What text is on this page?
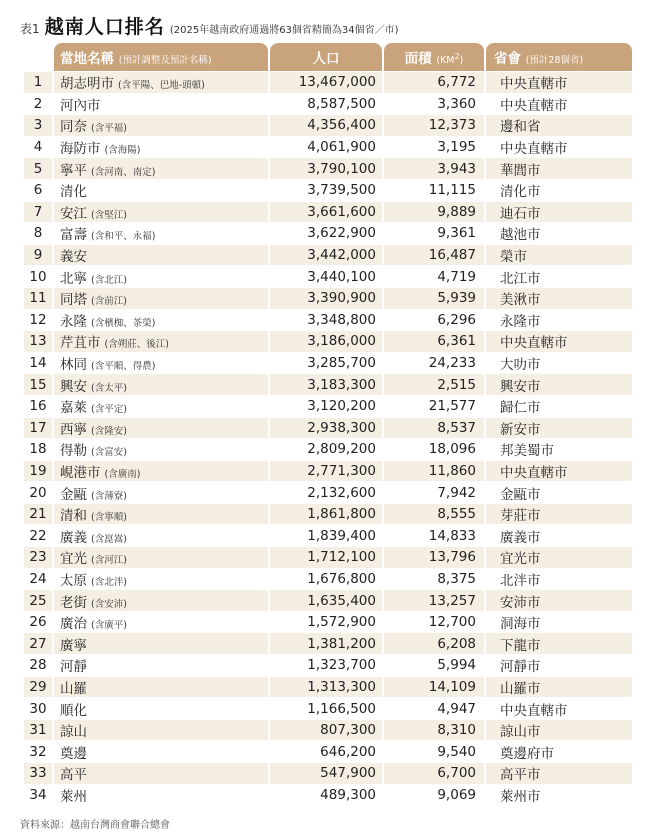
表1 越南人口排名 (2025年越南政府通過將63個省精簡為34個省／市)
	當地名稱 (預計調整及預計名稱)	人口	面積 $(KM^2)$	省會 (預計28個省)
1	胡志明市 (含平陽、巴地-頭頓)	13,467,000	6,772	中央直轄市
2	河內市	8,587,500	3,360	中央直轄市
3	同奈 (含平福)	4,356,400	12,373	邊和省
4	海防市 (含海陽)	4,061,900	3,195	中央直轄市
5	寧平 (含河南、南定)	3,790,100	3,943	華閭市
6	清化	3,739,500	11,115	清化市
7	安江 (含堅江)	3,661,600	9,889	迪石市
8	富壽 (含和平、永福)	3,622,900	9,361	越池市
9	義安	3,442,000	16,487	榮市
10	北寧 (含北江)	3,440,100	4,719	北江市
11	同塔 (含前江)	3,390,900	5,939	美湫市
12	永隆 (含檳椥、茶榮)	3,348,800	6,296	永隆市
13	芹苴市 (含朔莊、後江)	3,186,000	6,361	中央直轄市
14	林同 (含平順、得農)	3,285,700	24,233	大叻市
15	興安 (含太平)	3,183,300	2,515	興安市
16	嘉萊 (含平定)	3,120,200	21,577	歸仁市
17	西寧 (含隆安)	2,938,300	8,537	新安市
18	得勒 (含富安)	2,809,200	18,096	邦美蜀市
19	峴港市 (含廣南)	2,771,300	11,860	中央直轄市
20	金甌 (含薄寮)	2,132,600	7,942	金甌市
21	清和 (含寧順)	1,861,800	8,555	芽莊市
22	廣義 (含崑嵩)	1,839,400	14,833	廣義市
23	宜光 (含河江)	1,712,100	13,796	宜光市
24	太原 (含北泮)	1,676,800	8,375	北泮市
25	老街 (含安沛)	1,635,400	13,257	安沛市
26	廣治 (含廣平)	1,572,900	12,700	洞海市
27	廣寧	1,381,200	6,208	下龍市
28	河靜	1,323,700	5,994	河靜市
29	山羅	1,313,300	14,109	山羅市
30	順化	1,166,500	4,947	中央直轄市
31	諒山	807,300	8,310	諒山市
32	奠邊	646,200	9,540	奠邊府市
33	高平	547,900	6,700	高平市
34	萊州	489,300	9,069	萊州市
資料來源：越南台灣商會聯合總會
